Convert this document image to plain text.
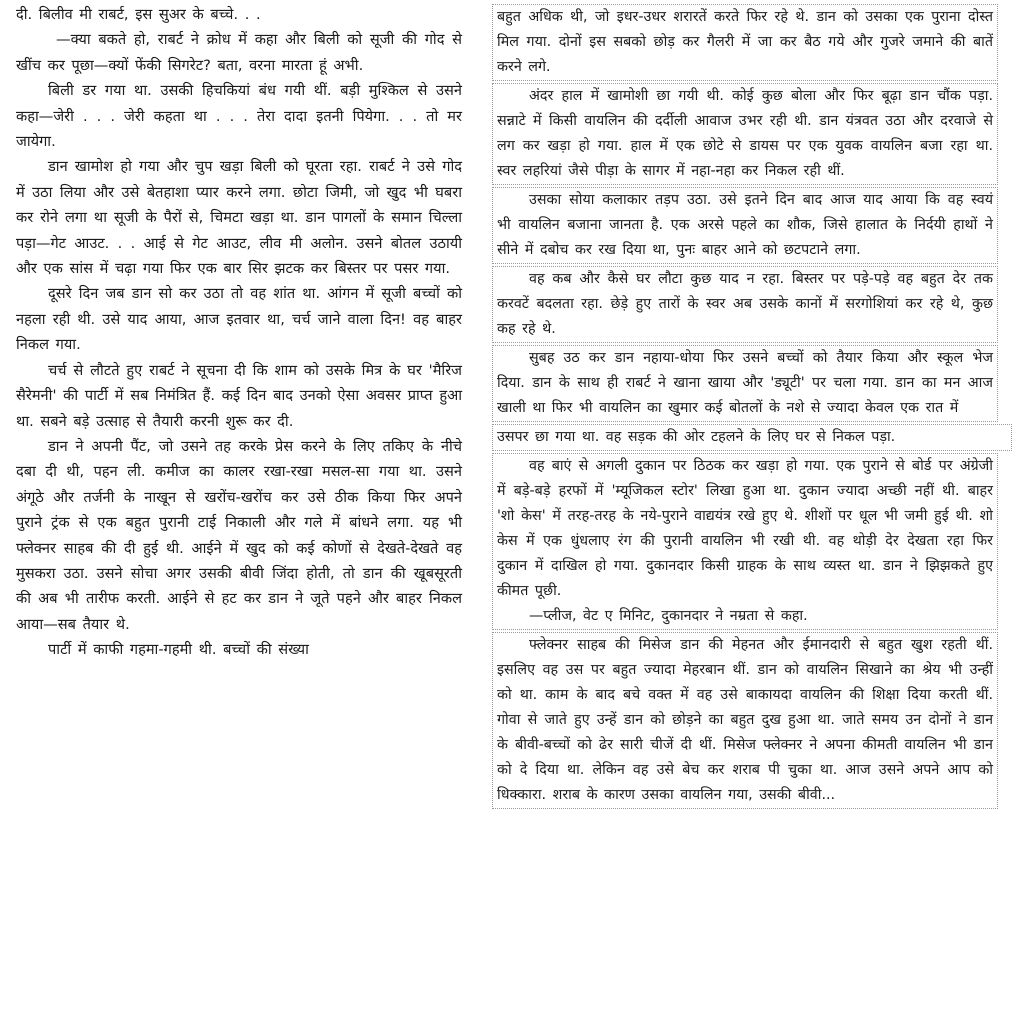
दी. बिलीव मी राबर्ट, इस सुअर के बच्चे. . .

—क्या बकते हो, राबर्ट ने क्रोध में कहा और बिली को सूजी की गोद से खींच कर पूछा—क्यों फेंकी सिगरेट? बता, वरना मारता हूं अभी.

बिली डर गया था. उसकी हिचकियां बंध गयी थीं. बड़ी मुश्किल से उसने कहा—जेरी . . . जेरी कहता था . . . तेरा दादा इतनी पियेगा. . . तो मर जायेगा.

डान खामोश हो गया और चुप खड़ा बिली को घूरता रहा. राबर्ट ने उसे गोद में उठा लिया और उसे बेतहाशा प्यार करने लगा. छोटा जिमी, जो खुद भी घबरा कर रोने लगा था सूजी के पैरों से, चिमटा खड़ा था. डान पागलों के समान चिल्ला पड़ा—गेट आउट. . . आई से गेट आउट, लीव मी अलोन. उसने बोतल उठायी और एक सांस में चढ़ा गया फिर एक बार सिर झटक कर बिस्तर पर पसर गया.

दूसरे दिन जब डान सो कर उठा तो वह शांत था. आंगन में सूजी बच्चों को नहला रही थी. उसे याद आया, आज इतवार था, चर्च जाने वाला दिन! वह बाहर निकल गया.

चर्च से लौटते हुए राबर्ट ने सूचना दी कि शाम को उसके मित्र के घर 'मैरिज सैरेमनी' की पार्टी में सब निमंत्रित हैं. कई दिन बाद उनको ऐसा अवसर प्राप्त हुआ था. सबने बड़े उत्साह से तैयारी करनी शुरू कर दी.

डान ने अपनी पैंट, जो उसने तह करके प्रेस करने के लिए तकिए के नीचे दबा दी थी, पहन ली. कमीज का कालर रखा-रखा मसल-सा गया था. उसने अंगूठे और तर्जनी के नाखून से खरोंच-खरोंच कर उसे ठीक किया फिर अपने पुराने ट्रंक से एक बहुत पुरानी टाई निकाली और गले में बांधने लगा. यह भी फ्लेक्नर साहब की दी हुई थी. आईने में खुद को कई कोणों से देखते-देखते वह मुसकरा उठा. उसने सोचा अगर उसकी बीवी जिंदा होती, तो डान की खूबसूरती की अब भी तारीफ करती. आईने से हट कर डान ने जूते पहने और बाहर निकल आया—सब तैयार थे.

पार्टी में काफी गहमा-गहमी थी. बच्चों की संख्या

बहुत अधिक थी, जो इधर-उधर शरारतें करते फिर रहे थे. डान को उसका एक पुराना दोस्त मिल गया. दोनों इस सबको छोड़ कर गैलरी में जा कर बैठ गये और गुजरे जमाने की बातें करने लगे.

अंदर हाल में खामोशी छा गयी थी. कोई कुछ बोला और फिर बूढ़ा डान चौंक पड़ा. सन्नाटे में किसी वायलिन की दर्दीली आवाज उभर रही थी. डान यंत्रवत उठा और दरवाजे से लग कर खड़ा हो गया. हाल में एक छोटे से डायस पर एक युवक वायलिन बजा रहा था. स्वर लहरियां जैसे पीड़ा के सागर में नहा-नहा कर निकल रही थीं.

उसका सोया कलाकार तड़प उठा. उसे इतने दिन बाद आज याद आया कि वह स्वयं भी वायलिन बजाना जानता है. एक अरसे पहले का शौक, जिसे हालात के निर्दयी हाथों ने सीने में दबोच कर रख दिया था, पुनः बाहर आने को छटपटाने लगा.

वह कब और कैसे घर लौटा कुछ याद न रहा. बिस्तर पर पड़े-पड़े वह बहुत देर तक करवटें बदलता रहा. छेड़े हुए तारों के स्वर अब उसके कानों में सरगोशियां कर रहे थे, कुछ कह रहे थे.

सुबह उठ कर डान नहाया-धोया फिर उसने बच्चों को तैयार किया और स्कूल भेज दिया. डान के साथ ही राबर्ट ने खाना खाया और 'ड्यूटी' पर चला गया. डान का मन आज खाली था फिर भी वायलिन का खुमार कई बोतलों के नशे से ज्यादा केवल एक रात में

उसपर छा गया था. वह सड़क की ओर टहलने के लिए घर से निकल पड़ा.

वह बाएं से अगली दुकान पर ठिठक कर खड़ा हो गया. एक पुराने से बोर्ड पर अंग्रेजी में बड़े-बड़े हरफों में 'म्यूजिकल स्टोर' लिखा हुआ था. दुकान ज्यादा अच्छी नहीं थी. बाहर 'शो केस' में तरह-तरह के नये-पुराने वाद्ययंत्र रखे हुए थे. शीशों पर धूल भी जमी हुई थी. शो केस में एक धुंधलाए रंग की पुरानी वायलिन भी रखी थी. वह थोड़ी देर देखता रहा फिर दुकान में दाखिल हो गया. दुकानदार किसी ग्राहक के साथ व्यस्त था. डान ने झिझकते हुए कीमत पूछी.

—प्लीज, वेट ए मिनिट, दुकानदार ने नम्रता से कहा.

फ्लेक्नर साहब की मिसेज डान की मेहनत और ईमानदारी से बहुत खुश रहती थीं. इसलिए वह उस पर बहुत ज्यादा मेहरबान थीं. डान को वायलिन सिखाने का श्रेय भी उन्हीं को था. काम के बाद बचे वक्त में वह उसे बाकायदा वायलिन की शिक्षा दिया करती थीं. गोवा से जाते हुए उन्हें डान को छोड़ने का बहुत दुख हुआ था. जाते समय उन दोनों ने डान के बीवी-बच्चों को ढेर सारी चीजें दी थीं. मिसेज फ्लेक्नर ने अपना कीमती वायलिन भी डान को दे दिया था. लेकिन वह उसे बेच कर शराब पी चुका था. आज उसने अपने आप को धिक्कारा. शराब के कारण उसका वायलिन गया, उसकी बीवी...
